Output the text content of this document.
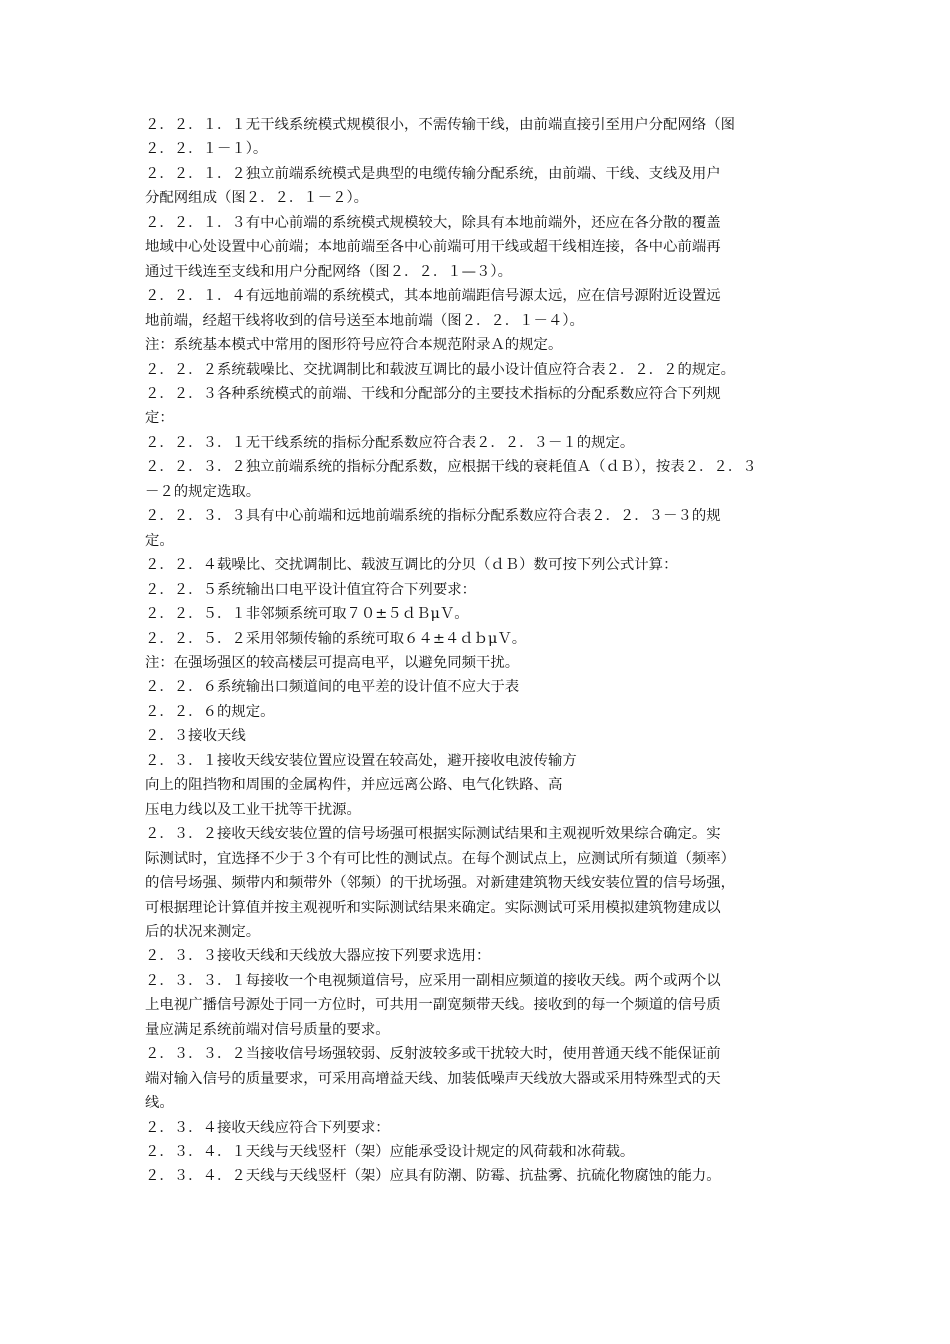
２．２．１．１无干线系统模式规模很小，不需传输干线，由前端直接引至用户分配网络（图

２．２．１－１）。

２．２．１．２独立前端系统模式是典型的电缆传输分配系统，由前端、干线、支线及用户

分配网组成（图２．２．１－２）。

２．２．１．３有中心前端的系统模式规模较大，除具有本地前端外，还应在各分散的覆盖

地域中心处设置中心前端；本地前端至各中心前端可用干线或超干线相连接，各中心前端再

通过干线连至支线和用户分配网络（图２．２．１—３）。

２．２．１．４有远地前端的系统模式，其本地前端距信号源太远，应在信号源附近设置远

地前端，经超干线将收到的信号送至本地前端（图２．２．１－４）。

注：系统基本模式中常用的图形符号应符合本规范附录Ａ的规定。

２．２．２系统载噪比、交扰调制比和载波互调比的最小设计值应符合表２．２．２的规定。

２．２．３各种系统模式的前端、干线和分配部分的主要技术指标的分配系数应符合下列规

定：

２．２．３．１无干线系统的指标分配系数应符合表２．２．３－１的规定。

２．２．３．２独立前端系统的指标分配系数，应根据干线的衰耗值Ａ（ｄＢ），按表２．２．３

－２的规定选取。

２．２．３．３具有中心前端和远地前端系统的指标分配系数应符合表２．２．３－３的规

定。

２．２．４载噪比、交扰调制比、载波互调比的分贝（ｄＢ）数可按下列公式计算：

２．２．５系统输出口电平设计值宜符合下列要求：

２．２．５．１非邻频系统可取７０±５ｄＢμＶ。

２．２．５．２采用邻频传输的系统可取６４±４ｄｂμＶ。

注：在强场强区的较高楼层可提高电平，以避免同频干扰。

２．２．６系统输出口频道间的电平差的设计值不应大于表

２．２．６的规定。

２．３接收天线

２．３．１接收天线安装位置应设置在较高处，避开接收电波传输方

向上的阻挡物和周围的金属构件，并应远离公路、电气化铁路、高

压电力线以及工业干扰等干扰源。

２．３．２接收天线安装位置的信号场强可根据实际测试结果和主观视听效果综合确定。实

际测试时，宜选择不少于３个有可比性的测试点。在每个测试点上，应测试所有频道（频率）

的信号场强、频带内和频带外（邻频）的干扰场强。对新建建筑物天线安装位置的信号场强，

可根据理论计算值并按主观视听和实际测试结果来确定。实际测试可采用模拟建筑物建成以

后的状况来测定。

２．３．３接收天线和天线放大器应按下列要求选用：

２．３．３．１每接收一个电视频道信号，应采用一副相应频道的接收天线。两个或两个以

上电视广播信号源处于同一方位时，可共用一副宽频带天线。接收到的每一个频道的信号质

量应满足系统前端对信号质量的要求。

２．３．３．２当接收信号场强较弱、反射波较多或干扰较大时，使用普通天线不能保证前

端对输入信号的质量要求，可采用高增益天线、加装低噪声天线放大器或采用特殊型式的天

线。

２．３．４接收天线应符合下列要求：

２．３．４．１天线与天线竖杆（架）应能承受设计规定的风荷载和冰荷载。

２．３．４．２天线与天线竖杆（架）应具有防潮、防霉、抗盐雾、抗硫化物腐蚀的能力。
